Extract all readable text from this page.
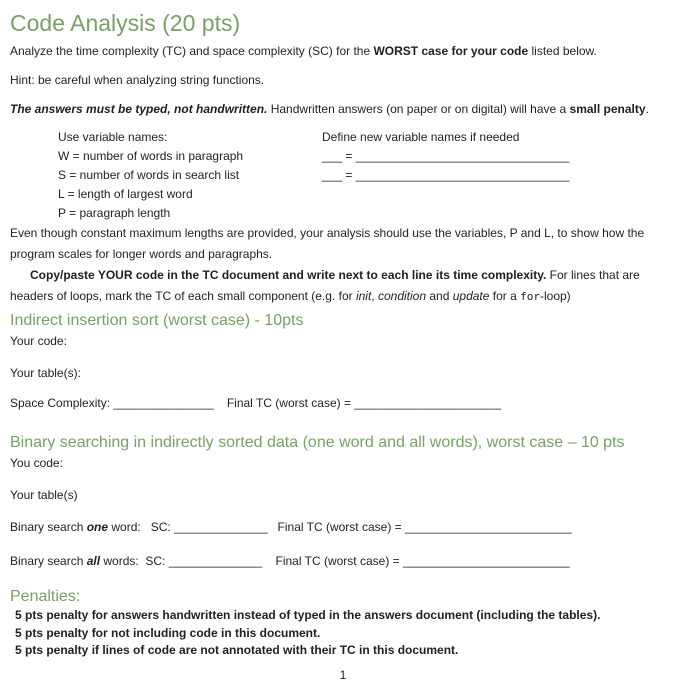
Code Analysis (20 pts)

Analyze the time complexity (TC) and space complexity (SC) for the WORST case for your code listed below.

Hint: be careful when analyzing string functions.

The answers must be typed, not handwritten. Handwritten answers (on paper or on digital) will have a small penalty.

Use variable names:
W = number of words in paragraph
S = number of words in search list
L = length of largest word
P = paragraph length
Define new variable names if needed
___ = ________________________________
___ = ________________________________

Even though constant maximum lengths are provided, your analysis should use the variables, P and L, to show how the program scales for longer words and paragraphs.

Copy/paste YOUR code in the TC document and write next to each line its time complexity. For lines that are headers of loops, mark the TC of each small component (e.g. for init, condition and update for a for-loop)

Indirect insertion sort (worst case) - 10pts

Your code:

Your table(s):

Space Complexity: _______________    Final TC (worst case) = ______________________

Binary searching in indirectly sorted data (one word and all words), worst case – 10 pts

You code:

Your table(s)

Binary search one word:   SC: ______________   Final TC (worst case) = _________________________

Binary search all words:  SC: ______________    Final TC (worst case) = _________________________

Penalties:

5 pts penalty for answers handwritten instead of typed in the answers document (including the tables).

5 pts penalty for not including code in this document.

5 pts penalty if lines of code are not annotated with their TC in this document.

1
